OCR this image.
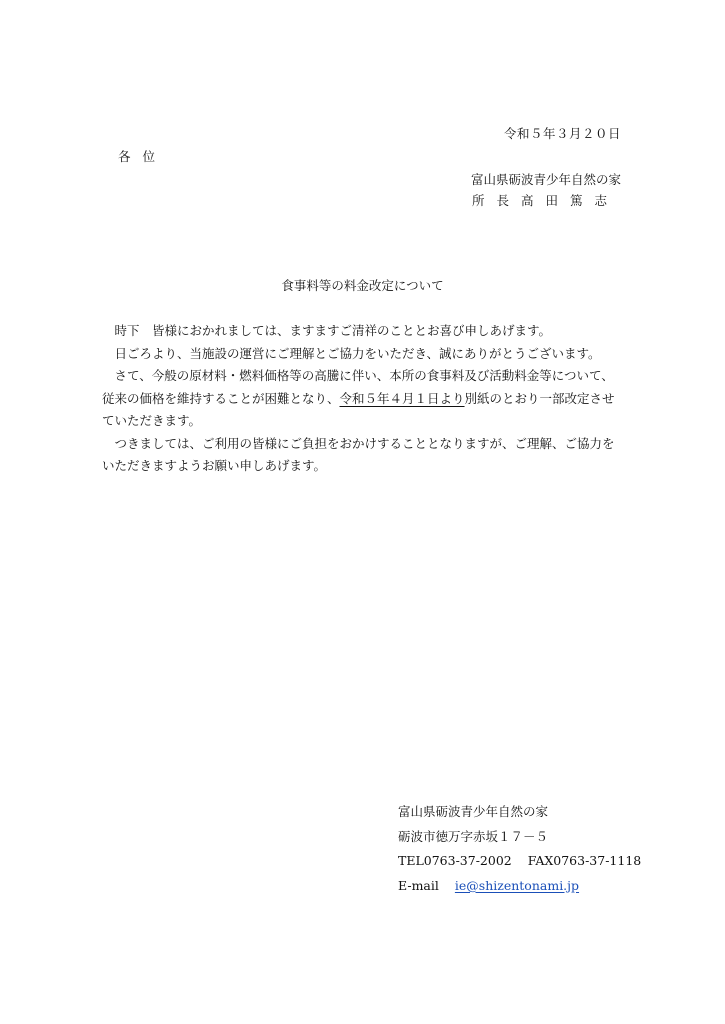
令和５年３月２０日
各位
富山県砺波青少年自然の家
所長高田篤志
食事料等の料金改定について

時下　皆様におかれましては、ますますご清祥のこととお喜び申しあげます。

日ごろより、当施設の運営にご理解とご協力をいただき、誠にありがとうございます。

さて、今般の原材料・燃料価格等の高騰に伴い、本所の食事料及び活動料金等について、従来の価格を維持することが困難となり、令和５年４月１日より別紙のとおり一部改定させていただきます。

つきましては、ご利用の皆様にご負担をおかけすることとなりますが、ご理解、ご協力をいただきますようお願い申しあげます。

富山県砺波青少年自然の家
砺波市徳万字赤坂１７－５
TEL0763-37-2002 FAX0763-37-1118
E-mail ie@shizentonami.jp
